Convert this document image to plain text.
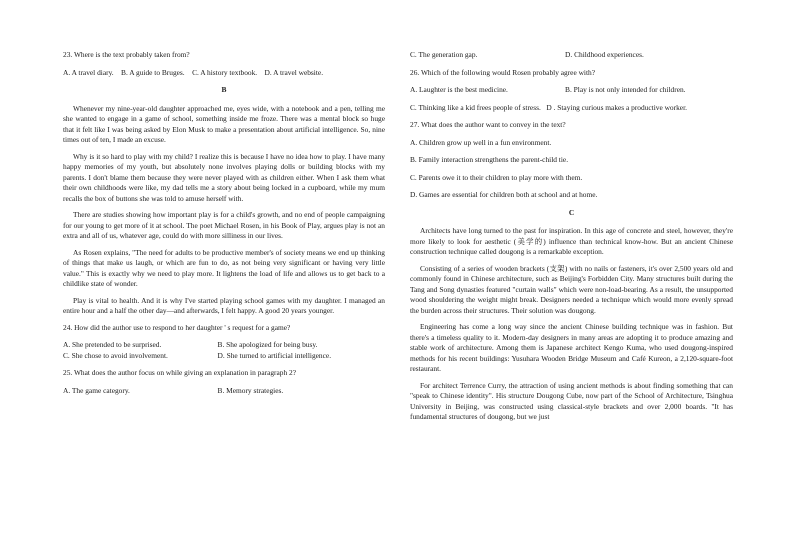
23. Where is the text probably taken from?
A. A travel diary. B. A guide to Bruges. C. A history textbook. D. A travel website.
B

Whenever my nine-year-old daughter approached me, eyes wide, with a notebook and a pen, telling me she wanted to engage in a game of school, something inside me froze. There was a mental block so huge that it felt like I was being asked by Elon Musk to make a presentation about artificial intelligence. So, nine times out of ten, I made an excuse.

Why is it so hard to play with my child? I realize this is because I have no idea how to play. I have many happy memories of my youth, but absolutely none involves playing dolls or building blocks with my parents. I don't blame them because they were never played with as children either. When I ask them what their own childhoods were like, my dad tells me a story about being locked in a cupboard, while my mum recalls the box of buttons she was told to amuse herself with.

There are studies showing how important play is for a child's growth, and no end of people campaigning for our young to get more of it at school. The poet Michael Rosen, in his Book of Play, argues play is not an extra and all of us, whatever age, could do with more silliness in our lives.

As Rosen explains, "The need for adults to be productive member's of society means we end up thinking of things that make us laugh, or which are fun to do, as not being very significant or having very little value." This is exactly why we need to play more. It lightens the load of life and allows us to get back to a childlike state of wonder.

Play is vital to health. And it is why I've started playing school games with my daughter. I managed an entire hour and a half the other day—and afterwards, I felt happy. A good 20 years younger.

24. How did the author use to respond to her daughter ' s request for a game?
A. She pretended to be surprised.	B. She apologized for being busy.
C. She chose to avoid involvement.	D. She turned to artificial intelligence.
25. What does the author focus on while giving an explanation in paragraph 2?
A. The game category.	B. Memory strategies.
C. The generation gap.	D. Childhood experiences.
26. Which of the following would Rosen probably agree with?
A. Laughter is the best medicine.	B. Play is not only intended for children.
C. Thinking like a kid frees people of stress. D . Staying curious makes a productive worker.
27. What does the author want to convey in the text?
A. Children grow up well in a fun environment.
B. Family interaction strengthens the parent-child tie.
C. Parents owe it to their children to play more with them.
D. Games are essential for children both at school and at home.
C

Architects have long turned to the past for inspiration. In this age of concrete and steel, however, they're more likely to look for aesthetic (美学的) influence than technical know-how. But an ancient Chinese construction technique called dougong is a remarkable exception.

Consisting of a series of wooden brackets (支架) with no nails or fasteners, it's over 2,500 years old and commonly found in Chinese architecture, such as Beijing's Forbidden City. Many structures built during the Tang and Song dynasties featured "curtain walls" which were non-load-bearing. As a result, the unsupported wood shouldering the weight might break. Designers needed a technique which would more evenly spread the burden across their structures. Their solution was dougong.

Engineering has come a long way since the ancient Chinese building technique was in fashion. But there's a timeless quality to it. Modern-day designers in many areas are adopting it to produce amazing and stable work of architecture. Among them is Japanese architect Kengo Kuma, who used dougong-inspired methods for his recent buildings: Yusuhara Wooden Bridge Museum and Café Kureon, a 2,120-square-foot restaurant.

For architect Terrence Curry, the attraction of using ancient methods is about finding something that can "speak to Chinese identity". His structure Dougong Cube, now part of the School of Architecture, Tsinghua University in Beijing, was constructed using classical-style brackets and over 2,000 boards. "It has fundamental structures of dougong, but we just
